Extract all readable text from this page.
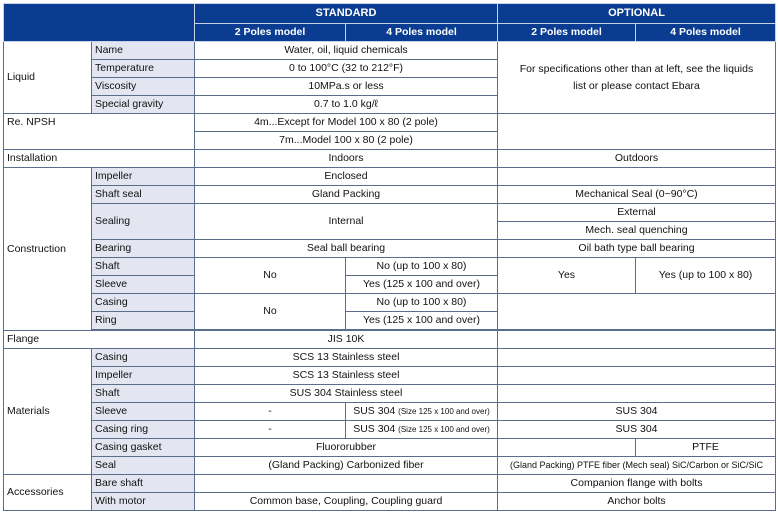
		STANDARD		OPTIONAL	
		2 Poles model	4 Poles model	2 Poles model	4 Poles model
Liquid	Name	Water, oil, liquid chemicals		For specifications other than at left, see the liquids
list or please contact Ebara	
	Temperature	0 to 100°C (32 to 212°F)			
	Viscosity	10MPa.s or less			
	Special gravity	0.7 to 1.0 kg/ℓ			
Re. NPSH		4m...Except for Model 100 x 80 (2 pole)			
		7m...Model 100 x 80 (2 pole)			
Installation		Indoors		Outdoors	
Construction	Impeller	Enclosed			
	Shaft seal	Gland Packing		Mechanical Seal (0~90°C)	
	Sealing	Internal		External	
				Mech. seal quenching	
	Bearing	Seal ball bearing		Oil bath type ball bearing	
	Shaft	No	No (up to 100 x 80)	Yes	Yes (up to 100 x 80)
	Sleeve		Yes (125 x 100 and over)		
	Casing	No	No (up to 100 x 80)		
	Ring		Yes (125 x 100 and over)		

Flange		JIS 10K			
Materials	Casing	SCS 13 Stainless steel			
	Impeller	SCS 13 Stainless steel			
	Shaft	SUS 304 Stainless steel			
	Sleeve	-	SUS 304 (Size 125 x 100 and over)	SUS 304	
	Casing ring	-	SUS 304 (Size 125 x 100 and over)	SUS 304	
	Casing gasket	Fluororubber			PTFE
	Seal	(Gland Packing) Carbonized fiber		(Gland Packing) PTFE fiber (Mech seal) SiC/Carbon or SiC/SiC	
Accessories	Bare shaft			Companion flange with bolts	
	With motor	Common base, Coupling, Coupling guard		Anchor bolts	
